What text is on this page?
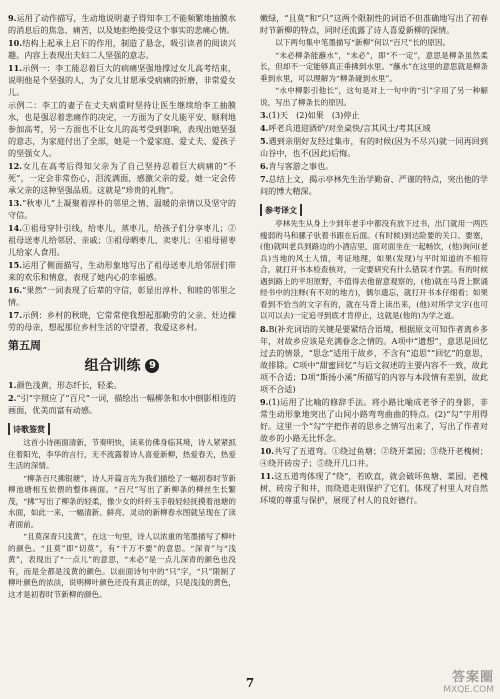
9.运用了动作描写，生动地说明妻子得知李工不能频繁地抽膜水的消息后的焦急、痛苦，以及她拒绝接受这个事实的悲痛心情。

10.结构上起承上启下的作用，制造了悬念，吸引读者的阅读兴趣。内容上表现出夫妇二人坚强的意志。

11.示例一：李工能忍着巨大的病痛坚强地撑过女儿高考结束，说明他是个坚强的人，为了女儿甘愿承受病痛的折磨，非常爱女儿。

示例二：李工的妻子在丈夫病重时坚持让医生继续给李工抽膜水，也是强忍着悲痛作的决定，一方面为了女儿能平安、顺利地参加高考，另一方面也不让女儿的高考受到影响，表现出她坚强的意志，为家庭付出了全部，她是一个爱家庭、爱丈夫、爱孩子的坚强女人。

12.女儿在高考后得知父亲为了自己坚持忍着巨大病痛的“不死”，一定会非常伤心，泪流满面，感激父亲的爱，她一定会传承父亲的这种坚强品质。这就是“珍贵的礼物”。

13.“秋枣儿”上凝聚着淳朴的邻里之情、温暖的亲情以及坚守的守信。

14.①祖母穿针引线，给枣儿，蒸枣儿，给孩子们分享枣儿；②祖母送枣儿给邻居、亲戚；③祖母晒枣儿、卖枣儿；④祖母留枣儿给家人食用。

15.运用了侧面描写，生动形象地写出了祖母送枣儿给邻居们带来的欢乐和情意，表现了她内心的幸福感。

16.“果然”一词表现了后辈的守信，彰显出淳朴、和睦的邻里之情。

17.示例：乡村的秋晓，它常常使我想起那勤劳的父亲、灶边操劳的母亲，想起那位乡村生活的守望者，我爱这乡村。

第五周
组合训练 9

1.颜色浅黄，形态纤长，轻柔。

2.“引”字照应了“百尺”一词，描绘出一幅柳条和水中倒影相连的画面，优美而富有动感。

诗歌鉴赏

这首小诗画面清新，节奏明快，读来仿佛身临其境，诗人紧紧抓住着阳光，李华的言行，无不流露着诗人喜爱新柳，热爱春天，热爱生活的深情。

“柳条百尺拂银塘”，诗人开篇言先为我们描绘了一幅初春时节新柳池塘相互依偎的整体画面。“百尺”写出了新柳条的柳丝生长繁茂，“拂”写出了柳条的轻柔，像少女的纤纤玉手般轻轻抚摸着池塘的水面，如此一来，一幅清新、鲜亮、灵动的新柳春水图就呈现在了读者面前。

“且莫深青只浅黄”，在这一句里，诗人以浓重的笔墨描写了柳叶的颜色。“且莫”即“切莫”，有“千万不要”的意思。“深青”与“浅黄”，表现出了“一点儿”的意思，“未必”是一点儿深青的颜色也没有，而是全都是浅黄的颜色。以前面诗句中的“只”字，“只”限制了柳叶颜色的浓淡，说明柳叶颜色还没有真正的绿，只是浅浅的黄色，这才是初春时节新柳的颜色。

嫩绿，“且莫”和“只”这两个限制性的词语不但准确地写出了初春时节新柳的特点，同时还流露了诗人喜爱新柳的深情。

以下两句集中笔墨描写“新柳”何以“百尺”长的原因。

“未必柳条能蘸水”，“未必”，即“不一定”，意思是柳条虽然柔长，但却不一定能够真正垂拂到水里。“蘸水”在这里的意思就是柳条垂到水里，可以理解为“柳条碰到水里”。

“水中柳影引他长”，这句是对上一句中的“引”字用了另一种解说，写出了柳条长的原因。

3.(1)天　(2)如果　(3)停止

4.呼老兵道迎酒炉/对坐桌快/言其风土/考其区域

5.遇到亲朋好友经过集市，有的时候(因为不尽兴)就一同再回到山谷中，也不(因此)后悔。

6.肯与客游之事也。

7.总结上文，揭示亭林先生治学勤奋、严谨的特点，突出他的学问的博大精深。

参考译文

亭林先生从身上少到年老手中都没有放下过书，出门就用一两匹瘦弱的马和骡子驮着书跟在后面。(有时候)到达险要的关口、要塞，(他)就叫老兵到路边的小酒店里，面对面坐在一起畅饮，(他)询问(老兵)当地的风土人情，考证地理，如果(发现)与平时知道的不相符合，就打开书本检查核对，一定要研究有什么错误才作罢。有的时候遇到路上的平坦原野，不值得去他留意观察的，(他)就在马背上默诵经书中的注释(有不对的地方)，偶尔遗忘，就打开书本仔细看；如果看到不恰当的文字有的，就在马背上读出来，(他)对所学文字(也可以可以去)一定追寻到底才肯停止，这就是(他的)为学之道。

8.B(补充词语的关键是要紧结合语境，根据原文可知作者离乡多年，对故乡应该是充满眷念之情的。A项中“遗想”，意思是回忆过去的情景，“思念”适用于故乡，不含有“追思”“回忆”的意思，故排除。C项中“甜蜜回忆”与后文叙述的主要内容不一致，故此项不合适；D项“斯扬小溪”所描写的内容与本段情有差别，故此项不合适)

9.(1)运用了比喻的修辞手法。将小路比喻成老爷子的身影，非常生动形象地突出了山间小路弯弯曲曲的特点。(2)“勾”字用得好。这里一个“勾”字把作者的思乡之情写出来了，写出了作者对故乡的小路无比怀念。

10.共写了五道弯。①绕过鱼塘；②绕开菜园；③绕开老槐树；④绕开砖房子；⑤绕开几口井。

11.这五道弯体现了“绕”，若欧直，就会破坏鱼塘、菜园、老槐树、砖房子和井，而绕道走则保护了它们，体现了村里人对自然环境的尊重与保护，展现了村人的良好德行。

7	答案圈
MXQE.COM
